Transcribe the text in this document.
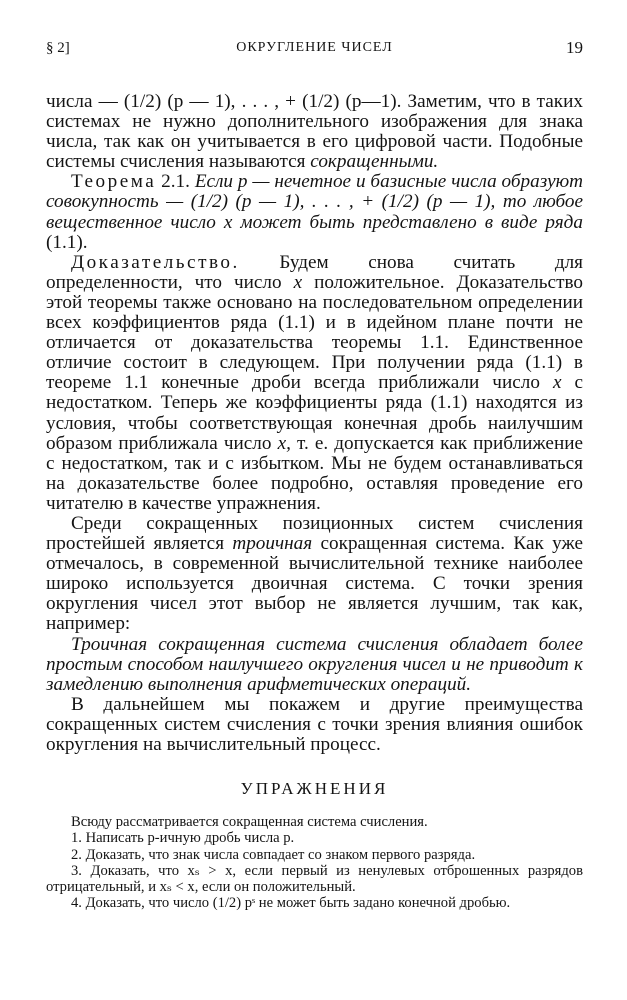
§ 2]	ОКРУГЛЕНИЕ ЧИСЕЛ	19

числа — (1/2) (p — 1), . . . , + (1/2) (p—1). Заметим, что в таких системах не нужно дополнительного изображения для знака числа, так как он учитывается в его цифровой части. Подобные системы счисления называются сокращенными.

Теорема 2.1. Если p — нечетное и базисные числа образуют совокупность — (1/2) (p — 1), . . . , + (1/2) (p — 1), то любое вещественное число x может быть представлено в виде ряда (1.1).

Доказательство. Будем снова считать для определенности, что число x положительное. Доказательство этой теоремы также основано на последовательном определении всех коэффициентов ряда (1.1) и в идейном плане почти не отличается от доказательства теоремы 1.1. Единственное отличие состоит в следующем. При получении ряда (1.1) в теореме 1.1 конечные дроби всегда приближали число x с недостатком. Теперь же коэффициенты ряда (1.1) находятся из условия, чтобы соответствующая конечная дробь наилучшим образом приближала число x, т. е. допускается как приближение с недостатком, так и с избытком. Мы не будем останавливаться на доказательстве более подробно, оставляя проведение его читателю в качестве упражнения.

Среди сокращенных позиционных систем счисления простейшей является троичная сокращенная система. Как уже отмечалось, в современной вычислительной технике наиболее широко используется двоичная система. С точки зрения округления чисел этот выбор не является лучшим, так как, например:

Троичная сокращенная система счисления обладает более простым способом наилучшего округления чисел и не приводит к замедлению выполнения арифметических операций.

В дальнейшем мы покажем и другие преимущества сокращенных систем счисления с точки зрения влияния ошибок округления на вычислительный процесс.

УПРАЖНЕНИЯ

Всюду рассматривается сокращенная система счисления.

1. Написать p-ичную дробь числа p.

2. Доказать, что знак числа совпадает со знаком первого разряда.

3. Доказать, что xₛ > x, если первый из ненулевых отброшенных разрядов отрицательный, и xₛ < x, если он положительный.

4. Доказать, что число (1/2) pˢ не может быть задано конечной дробью.
